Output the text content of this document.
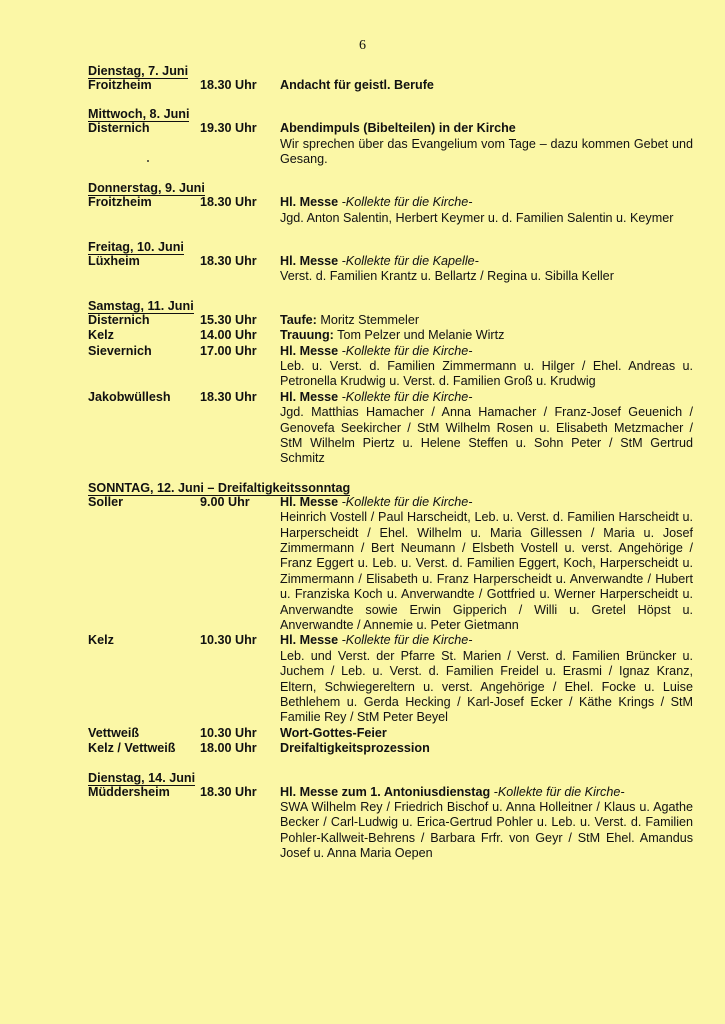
6
Dienstag, 7. Juni
Froitzheim	18.30 Uhr	Andacht für geistl. Berufe
Mittwoch, 8. Juni
Disternich	19.30 Uhr	Abendimpuls (Bibelteilen) in der Kirche
Wir sprechen über das Evangelium vom Tage – dazu kommen Gebet und Gesang.
Donnerstag, 9. Juni
Froitzheim	18.30 Uhr	Hl. Messe -Kollekte für die Kirche-
Jgd. Anton Salentin, Herbert Keymer u. d. Familien Salentin u. Keymer
Freitag, 10. Juni
Lüxheim	18.30 Uhr	Hl. Messe -Kollekte für die Kapelle-
Verst. d. Familien Krantz u. Bellartz / Regina u. Sibilla Keller
Samstag, 11. Juni
Disternich	15.30 Uhr	Taufe: Moritz Stemmeler
Kelz	14.00 Uhr	Trauung: Tom Pelzer und Melanie Wirtz
Sievernich	17.00 Uhr	Hl. Messe -Kollekte für die Kirche-
Leb. u. Verst. d. Familien Zimmermann u. Hilger / Ehel. Andreas u. Petronella Krudwig u. Verst. d. Familien Groß u. Krudwig
Jakobwüllesh	18.30 Uhr	Hl. Messe -Kollekte für die Kirche-
Jgd. Matthias Hamacher / Anna Hamacher / Franz-Josef Geuenich / Genovefa Seekircher / StM Wilhelm Rosen u. Elisabeth Metzmacher / StM Wilhelm Piertz u. Helene Steffen u. Sohn Peter / StM Gertrud Schmitz
SONNTAG, 12. Juni – Dreifaltigkeitssonntag
Soller	9.00 Uhr	Hl. Messe -Kollekte für die Kirche-
Heinrich Vostell / Paul Harscheidt, Leb. u. Verst. d. Familien Harscheidt u. Harperscheidt / Ehel. Wilhelm u. Maria Gillessen / Maria u. Josef Zimmermann / Bert Neumann / Elsbeth Vostell u. verst. Angehörige / Franz Eggert u. Leb. u. Verst. d. Familien Eggert, Koch, Harperscheidt u. Zimmermann / Elisabeth u. Franz Harperscheidt u. Anverwandte / Hubert u. Franziska Koch u. Anverwandte / Gottfried u. Werner Harperscheidt u. Anverwandte sowie Erwin Gipperich / Willi u. Gretel Höpst u. Anverwandte / Annemie u. Peter Gietmann
Kelz	10.30 Uhr	Hl. Messe -Kollekte für die Kirche-
Leb. und Verst. der Pfarre St. Marien / Verst. d. Familien Brüncker u. Juchem / Leb. u. Verst. d. Familien Freidel u. Erasmi / Ignaz Kranz, Eltern, Schwiegereltern u. verst. Angehörige / Ehel. Focke u. Luise Bethlehem u. Gerda Hecking / Karl-Josef Ecker / Käthe Krings / StM Familie Rey / StM Peter Beyel
Vettweiß	10.30 Uhr	Wort-Gottes-Feier
Kelz / Vettweiß	18.00 Uhr	Dreifaltigkeitsprozession
Dienstag, 14. Juni
Müddersheim	18.30 Uhr	Hl. Messe zum 1. Antoniusdienstag -Kollekte für die Kirche-
SWA Wilhelm Rey / Friedrich Bischof u. Anna Holleitner / Klaus u. Agathe Becker / Carl-Ludwig u. Erica-Gertrud Pohler u. Leb. u. Verst. d. Familien Pohler-Kallweit-Behrens / Barbara Frfr. von Geyr / StM Ehel. Amandus Josef u. Anna Maria Oepen
